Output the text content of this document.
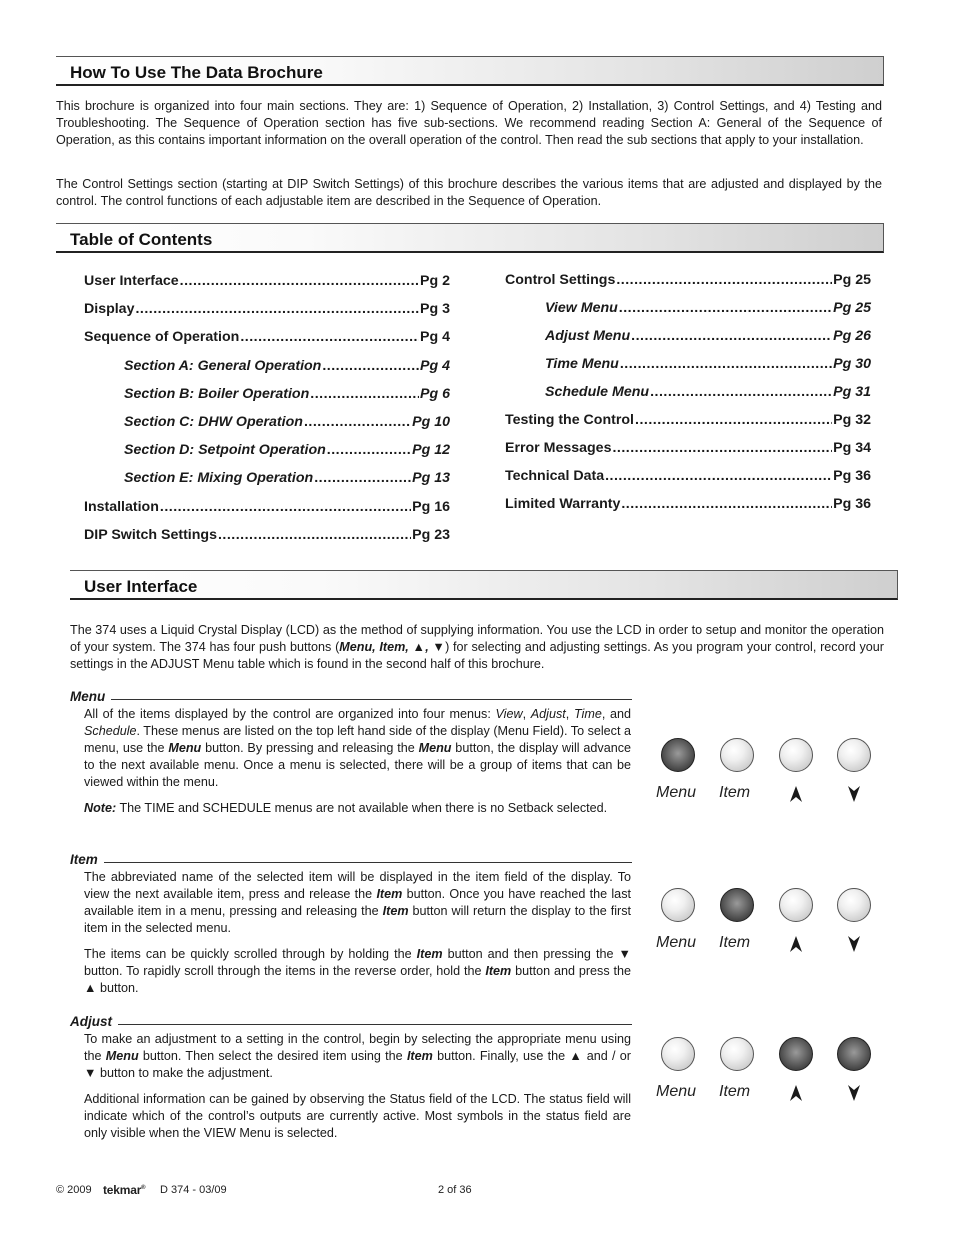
How To Use The Data Brochure

This brochure is organized into four main sections. They are: 1) Sequence of Operation, 2) Installation, 3) Control Settings, and 4) Testing and Troubleshooting. The Sequence of Operation section has five sub-sections. We recommend reading Section A: General of the Sequence of Operation, as this contains important information on the overall operation of the control. Then read the sub sections that apply to your installation.

The Control Settings section (starting at DIP Switch Settings) of this brochure describes the various items that are adjusted and displayed by the control. The control functions of each adjustable item are described in the Sequence of Operation.

Table of Contents
User Interface .....	Pg 2
Display .....	Pg 3
Sequence of Operation .....	Pg 4
Section A: General Operation .....	Pg 4
Section B: Boiler Operation .....	Pg 6
Section C: DHW Operation .....	Pg 10
Section D: Setpoint Operation .....	Pg 12
Section E: Mixing Operation .....	Pg 13
Installation .....	Pg 16
DIP Switch Settings .....	Pg 23
Control Settings .....	Pg 25
View Menu .....	Pg 25
Adjust Menu .....	Pg 26
Time Menu .....	Pg 30
Schedule Menu .....	Pg 31
Testing the Control .....	Pg 32
Error Messages .....	Pg 34
Technical Data .....	Pg 36
Limited Warranty .....	Pg 36
User Interface

The 374 uses a Liquid Crystal Display (LCD) as the method of supplying information. You use the LCD in order to setup and monitor the operation of your system. The 374 has four push buttons (Menu, Item, ▲, ▼) for selecting and adjusting settings. As you program your control, record your settings in the ADJUST Menu table which is found in the second half of this brochure.

Menu

All of the items displayed by the control are organized into four menus: View, Adjust, Time, and Schedule. These menus are listed on the top left hand side of the display (Menu Field). To select a menu, use the Menu button. By pressing and releasing the Menu button, the display will advance to the next available menu. Once a menu is selected, there will be a group of items that can be viewed within the menu.

Note: The TIME and SCHEDULE menus are not available when there is no Setback selected.

Item

The abbreviated name of the selected item will be displayed in the item field of the display. To view the next available item, press and release the Item button. Once you have reached the last available item in a menu, pressing and releasing the Item button will return the display to the first item in the selected menu.

The items can be quickly scrolled through by holding the Item button and then pressing the ▼ button. To rapidly scroll through the items in the reverse order, hold the Item button and press the ▲ button.

Adjust

To make an adjustment to a setting in the control, begin by selecting the appropriate menu using the Menu button. Then select the desired item using the Item button. Finally, use the ▲ and / or ▼ button to make the adjustment.

Additional information can be gained by observing the Status field of the LCD. The status field will indicate which of the control’s outputs are currently active. Most symbols in the status field are only visible when the VIEW Menu is selected.

Menu Item
Menu Item
Menu Item
© 2009 tekmar® D 374 - 03/09	2 of 36
